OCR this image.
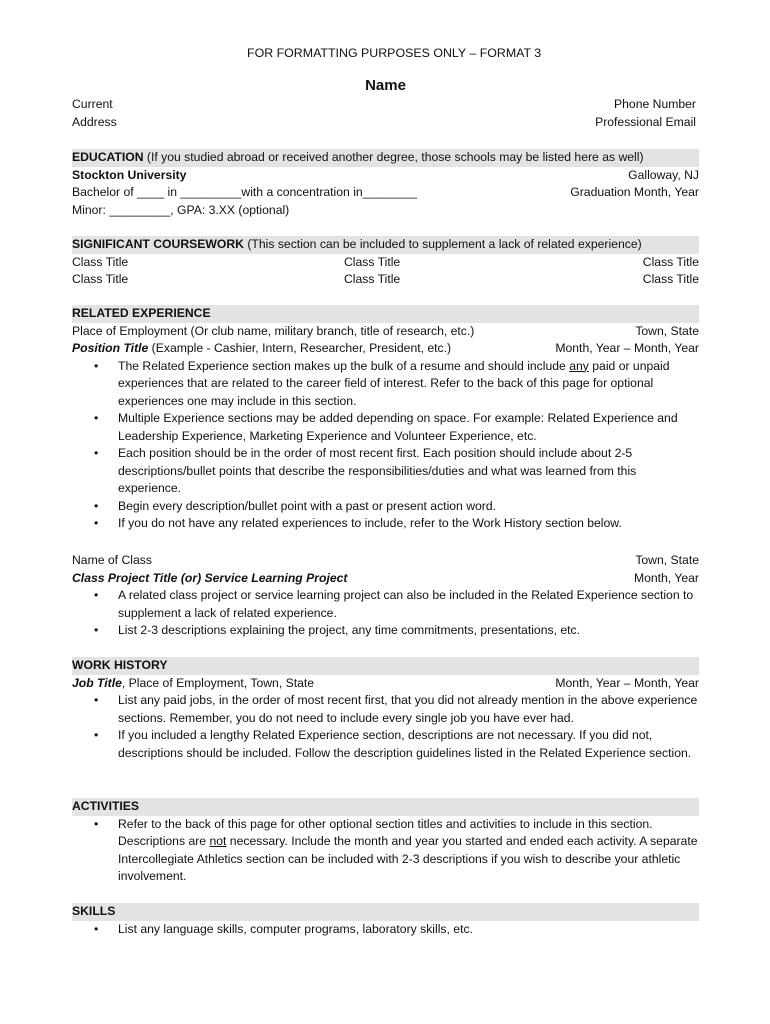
FOR FORMATTING PURPOSES ONLY – FORMAT 3
Name
Current	Phone Number
Address	Professional Email
EDUCATION (If you studied abroad or received another degree, those schools may be listed here as well)
Stockton University	Galloway, NJ
Bachelor of ____ in _________with a concentration in________	Graduation Month, Year
Minor: _________, GPA: 3.XX (optional)
SIGNIFICANT COURSEWORK (This section can be included to supplement a lack of related experience)
Class Title	Class Title	Class Title
Class Title	Class Title	Class Title
RELATED EXPERIENCE
Place of Employment (Or club name, military branch, title of research, etc.)	Town, State
Position Title (Example - Cashier, Intern, Researcher, President, etc.)	Month, Year – Month, Year
• The Related Experience section makes up the bulk of a resume and should include any paid or unpaid experiences that are related to the career field of interest. Refer to the back of this page for optional experiences one may include in this section.
• Multiple Experience sections may be added depending on space. For example: Related Experience and Leadership Experience, Marketing Experience and Volunteer Experience, etc.
• Each position should be in the order of most recent first. Each position should include about 2-5 descriptions/bullet points that describe the responsibilities/duties and what was learned from this experience.
• Begin every description/bullet point with a past or present action word.
• If you do not have any related experiences to include, refer to the Work History section below.
Name of Class	Town, State
Class Project Title (or) Service Learning Project	Month, Year
• A related class project or service learning project can also be included in the Related Experience section to supplement a lack of related experience.
• List 2-3 descriptions explaining the project, any time commitments, presentations, etc.
WORK HISTORY
Job Title, Place of Employment, Town, State	Month, Year – Month, Year
• List any paid jobs, in the order of most recent first, that you did not already mention in the above experience sections. Remember, you do not need to include every single job you have ever had.
• If you included a lengthy Related Experience section, descriptions are not necessary. If you did not, descriptions should be included. Follow the description guidelines listed in the Related Experience section.
ACTIVITIES
• Refer to the back of this page for other optional section titles and activities to include in this section. Descriptions are not necessary. Include the month and year you started and ended each activity. A separate Intercollegiate Athletics section can be included with 2-3 descriptions if you wish to describe your athletic involvement.
SKILLS
• List any language skills, computer programs, laboratory skills, etc.
